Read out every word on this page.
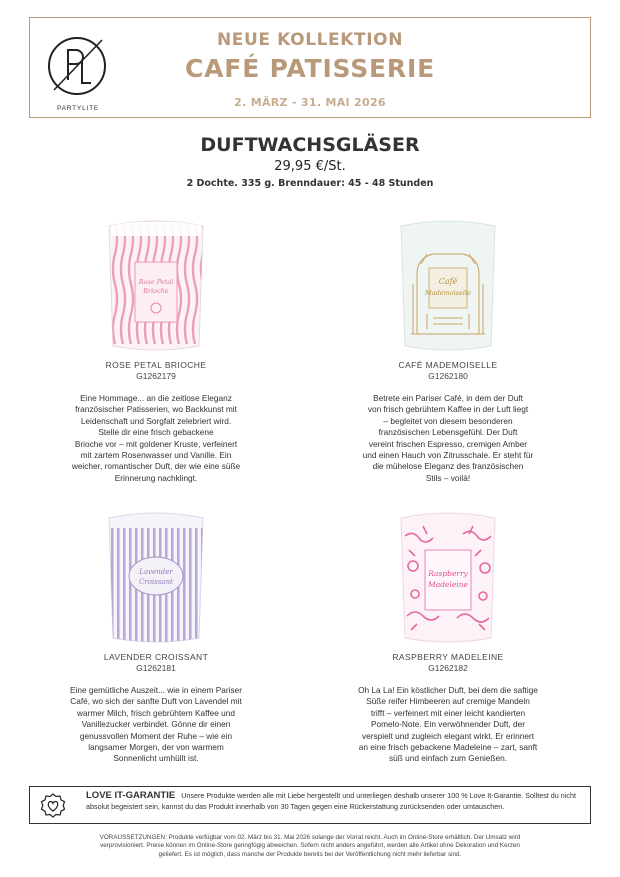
PARTYLITE
NEUE KOLLEKTION
CAFÉ PATISSERIE
2. MÄRZ - 31. MAI 2026
DUFTWACHSGLÄSER
29,95 €/St.
2 Dochte. 335 g. Brenndauer: 45 - 48 Stunden
Rose Petal
Brioche
ROSE PETAL BRIOCHE
G1262179
Eine Hommage... an die zeitlose Eleganz
französischer Patisserien, wo Backkunst mit
Leidenschaft und Sorgfalt zelebriert wird.
Stelle dir eine frisch gebackene
Brioche vor – mit goldener Kruste, verfeinert
mit zartem Rosenwasser und Vanille. Ein
weicher, romantischer Duft, der wie eine süße
Erinnerung nachklingt.
Café
Mademoiselle
CAFÉ MADEMOISELLE
G1262180
Betrete ein Pariser Café, in dem der Duft
von frisch gebrühtem Kaffee in der Luft liegt
– begleitet von diesem besonderen
französischen Lebensgefühl. Der Duft
vereint frischen Espresso, cremigen Amber
und einen Hauch von Zitrusschale. Er steht für
die mühelose Eleganz des französischen
Stils – voilà!
Lavender
Croissant
LAVENDER CROISSANT
G1262181
Eine gemütliche Auszeit... wie in einem Pariser
Café, wo sich der sanfte Duft von Lavendel mit
warmer Milch, frisch gebrühtem Kaffee und
Vanillezucker verbindet. Gönne dir einen
genussvollen Moment der Ruhe – wie ein
langsamer Morgen, der von warmem
Sonnenlicht umhüllt ist.
Raspberry
Madeleine
RASPBERRY MADELEINE
G1262182
Oh La La! Ein köstlicher Duft, bei dem die saftige
Süße reifer Himbeeren auf cremige Mandeln
trifft – verfeinert mit einer leicht kandierten
Pomelo-Note. Ein verwöhnender Duft, der
verspielt und zugleich elegant wirkt. Er erinnert
an eine frisch gebackene Madeleine – zart, sanft
süß und einfach zum Genießen.
LOVE IT-GARANTIE Unsere Produkte werden alle mit Liebe hergestellt und unterliegen deshalb unserer 100 % Love It-Garantie. Solltest du nicht absolut begeistert sein, kannst du das Produkt innerhalb von 30 Tagen gegen eine Rückerstattung zurücksenden oder umtauschen.
VORAUSSETZUNGEN: Produkte verfügbar vom 02. März bis 31. Mai 2026 solange der Vorrat reicht. Auch im Online-Store erhältlich. Der Umsatz wird
verprovisioniert. Preise können im Online-Store geringfügig abweichen. Sofern nicht anders angeführt, werden alle Artikel ohne Dekoration und Kerzen
geliefert. Es ist möglich, dass manche der Produkte bereits bei der Veröffentlichung nicht mehr lieferbar sind.
